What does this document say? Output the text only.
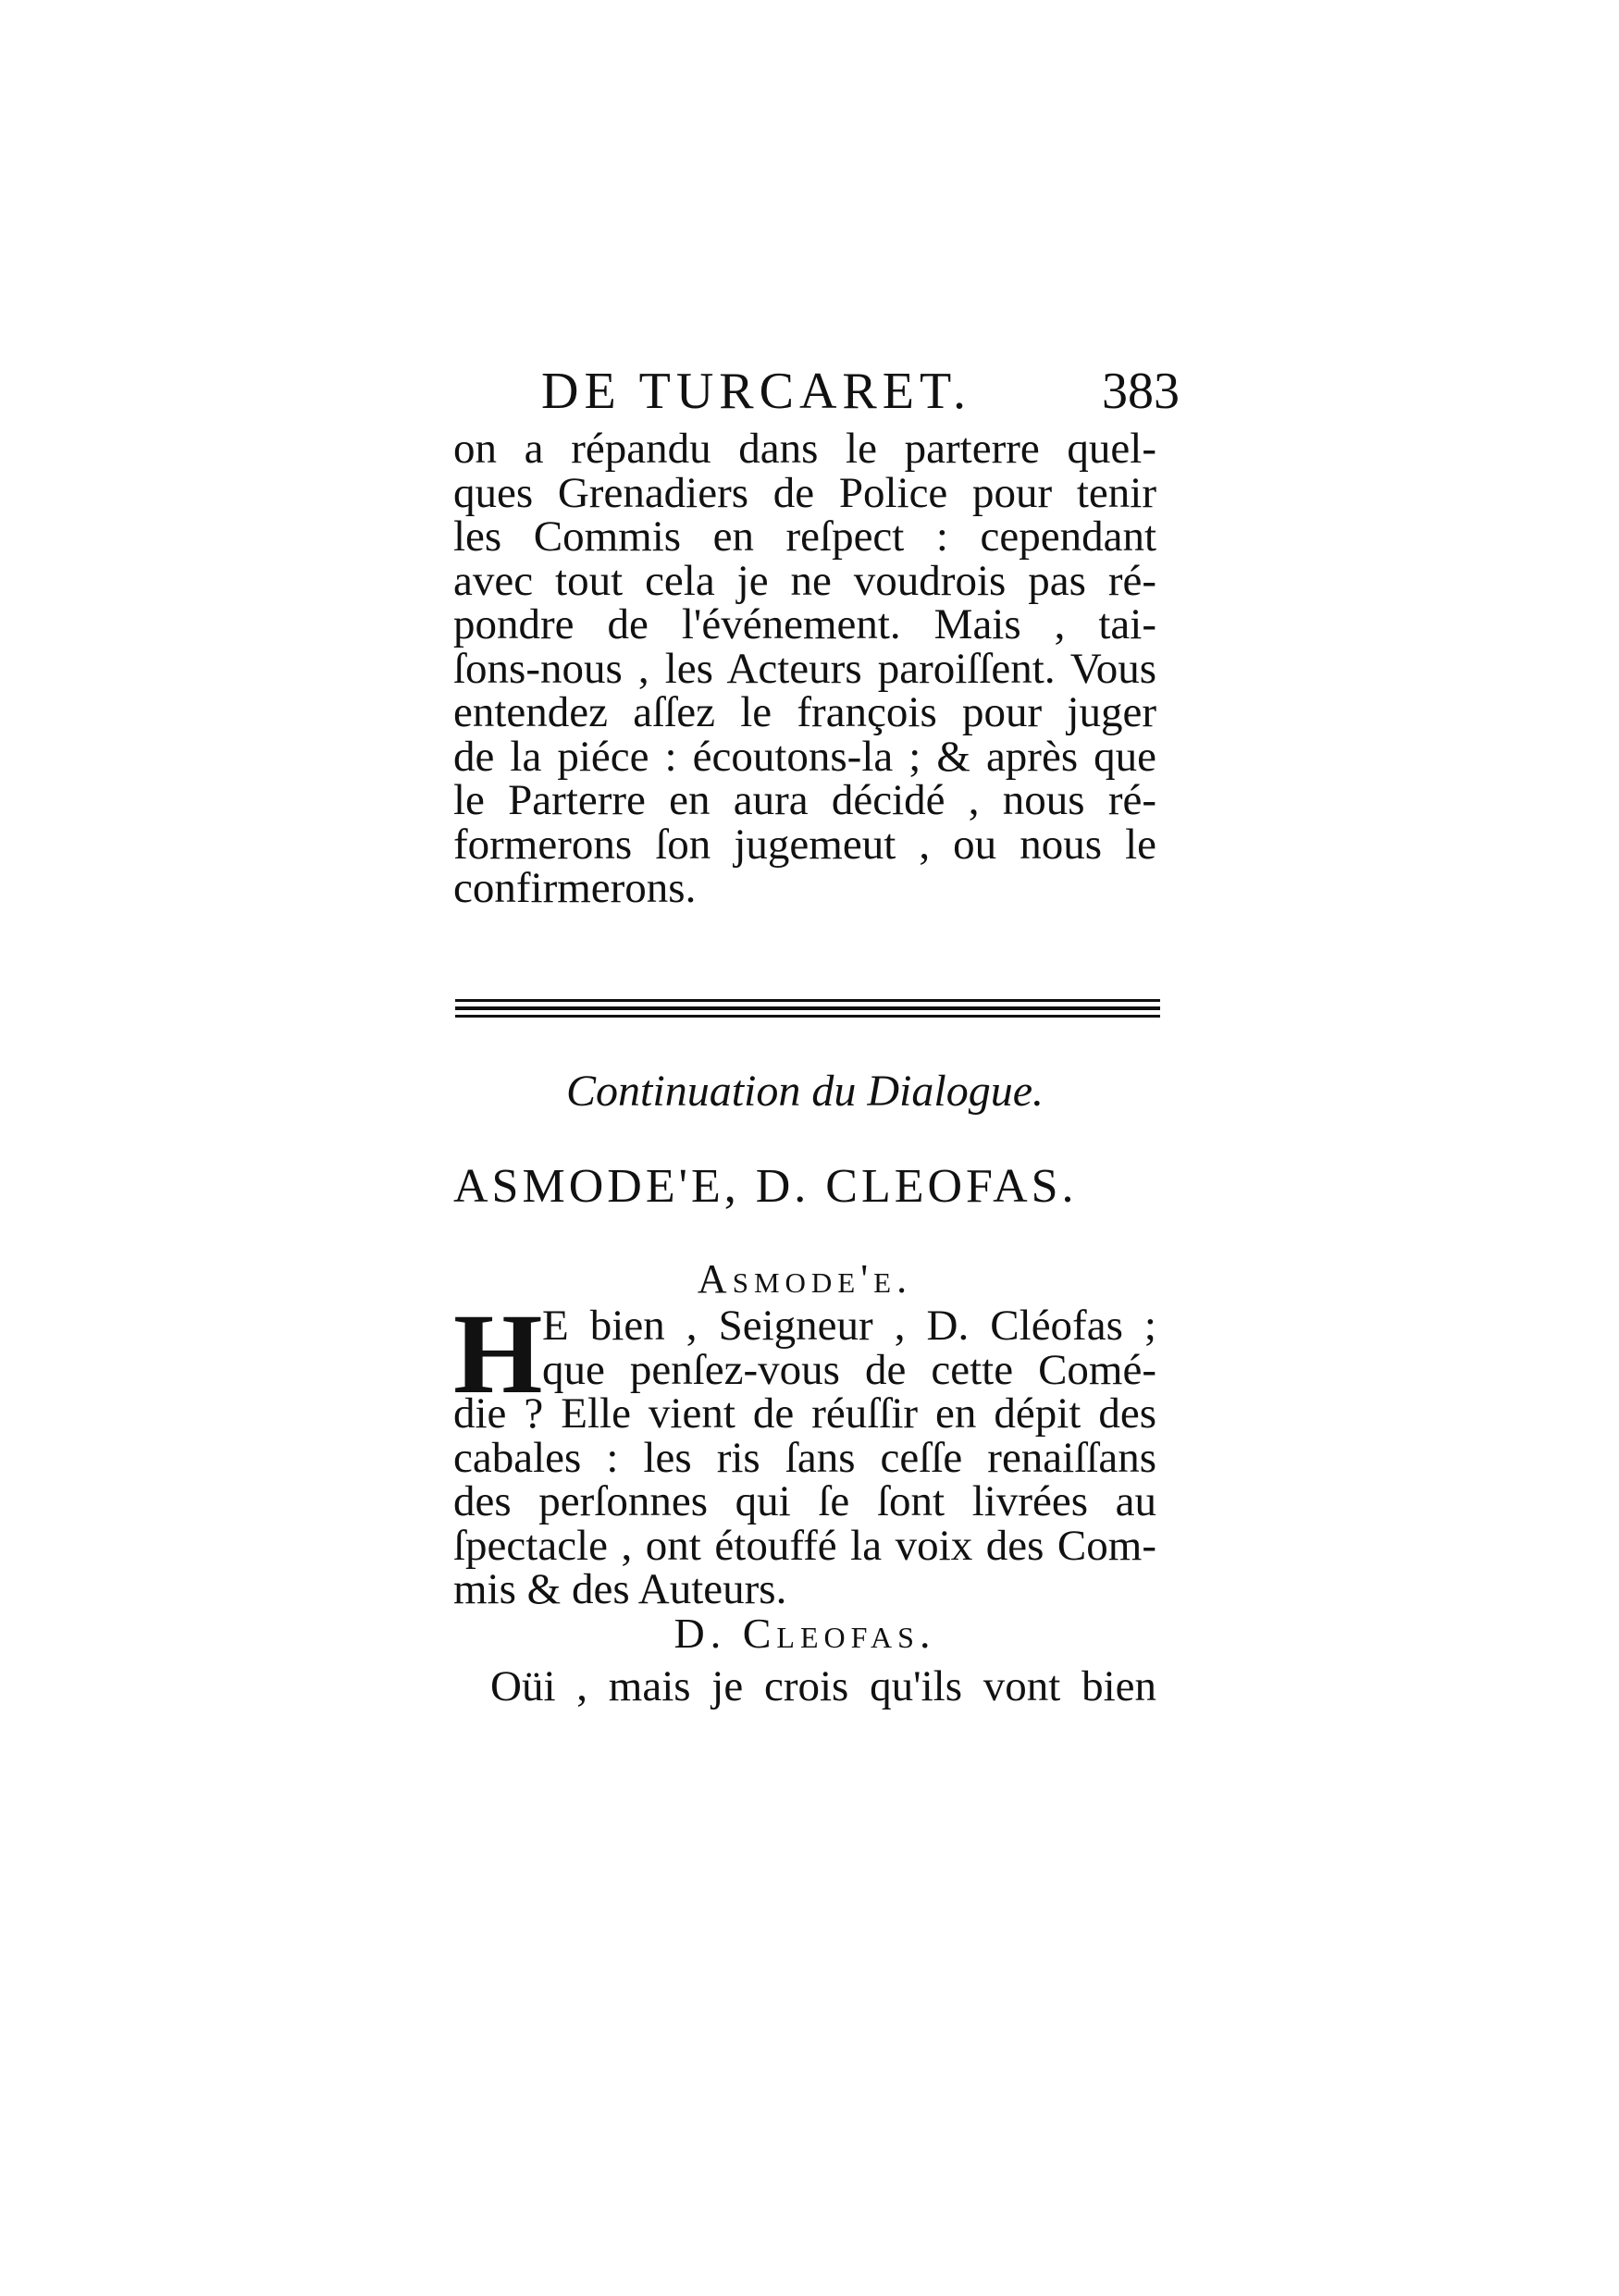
DE TURCARET.	383
on a répandu dans le parterre quel-
ques Grenadiers de Police pour tenir
les Commis en reſpect : cependant
avec tout cela je ne voudrois pas ré-
pondre de l'événement. Mais , tai-
ſons-nous , les Acteurs paroiſſent. Vous
entendez aſſez le françois pour juger
de la piéce : écoutons-la ; & après que
le Parterre en aura décidé , nous ré-
formerons ſon jugemeut , ou nous le
confirmerons.
Continuation du Dialogue.
ASMODE'E, D. CLEOFAS.
Asmode'e.
H E bien , Seigneur , D. Cléofas ;
que penſez-vous de cette Comé-
die ? Elle vient de réuſſir en dépit des
cabales : les ris ſans ceſſe renaiſſans
des perſonnes qui ſe ſont livrées au
ſpectacle , ont étouffé la voix des Com-
mis & des Auteurs.
D. Cleofas.
Oüi , mais je crois qu'ils vont bien
